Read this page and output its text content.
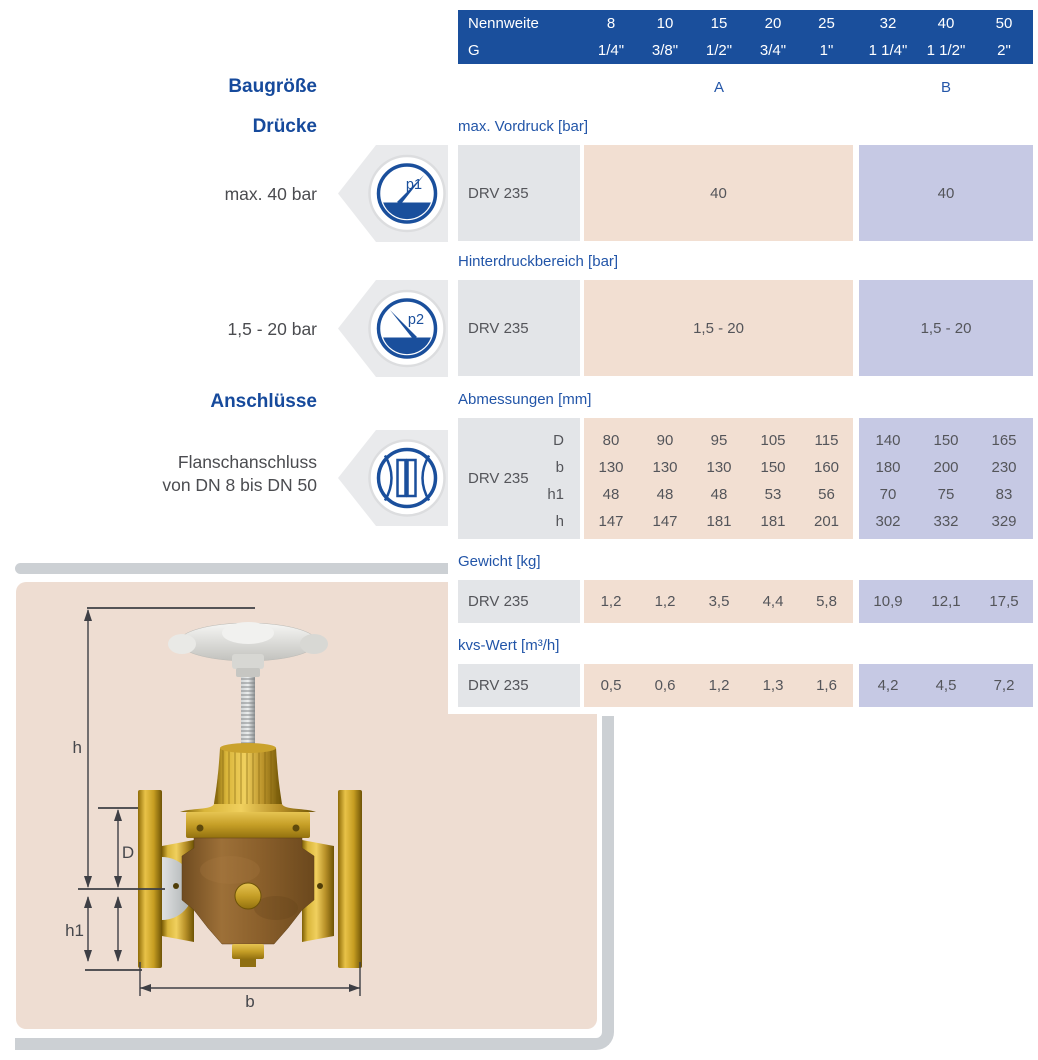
h
D
h1
b
Baugröße
Drücke
max. 40 bar
1,5 - 20 bar
Anschlüsse
Flanschanschluss
von DN 8 bis DN 50
p1
p2
Nennweite	8	10	15	20	25	32	40	50
G	1/4"	3/8"	1/2"	3/4"	1"	1 1/4"	1 1/2"	2"
A	B
max. Vordruck [bar]
DRV 235	40	40
Hinterdruckbereich [bar]
DRV 235	1,5 - 20	1,5 - 20
Abmessungen [mm]
DRV 235
D	80	90	95	105	115	140	150	165
b	130	130	130	150	160	180	200	230
h1	48	48	48	53	56	70	75	83
h	147	147	181	181	201	302	332	329
Gewicht [kg]
DRV 235	1,2	1,2	3,5	4,4	5,8	10,9	12,1	17,5
kvs-Wert [m³/h]
DRV 235	0,5	0,6	1,2	1,3	1,6	4,2	4,5	7,2
